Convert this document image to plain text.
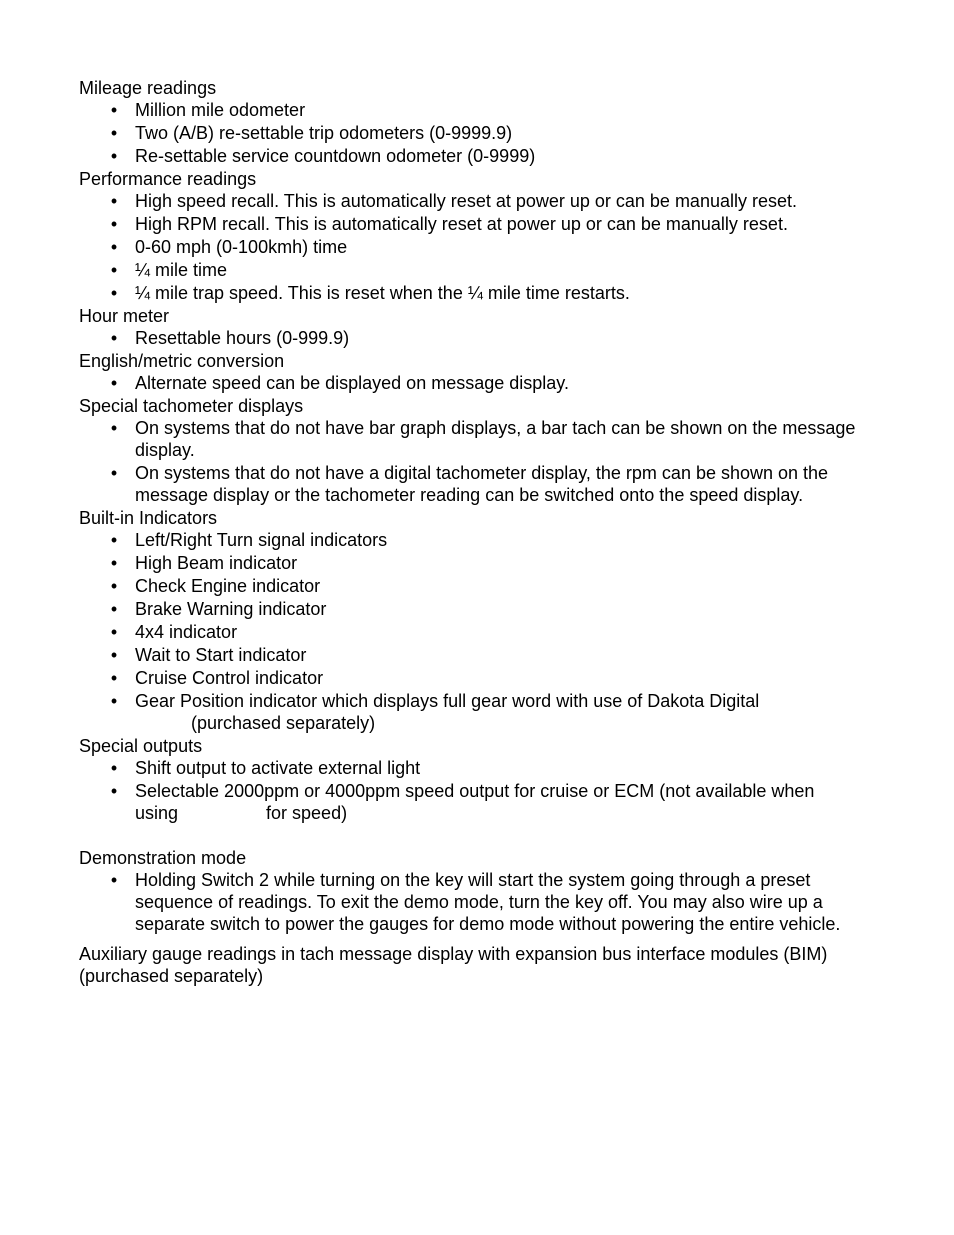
Mileage readings
• Million mile odometer
• Two (A/B) re-settable trip odometers (0-9999.9)
• Re-settable service countdown odometer (0-9999)
Performance readings
• High speed recall. This is automatically reset at power up or can be manually reset.
• High RPM recall. This is automatically reset at power up or can be manually reset.
• 0-60 mph (0-100kmh) time
• ¼ mile time
• ¼ mile trap speed. This is reset when the ¼ mile time restarts.
Hour meter
• Resettable hours (0-999.9)
English/metric conversion
• Alternate speed can be displayed on message display.
Special tachometer displays
• On systems that do not have bar graph displays, a bar tach can be shown on the message display.
• On systems that do not have a digital tachometer display, the rpm can be shown on the message display or the tachometer reading can be switched onto the speed display.
Built-in Indicators
• Left/Right Turn signal indicators
• High Beam indicator
• Check Engine indicator
• Brake Warning indicator
• 4x4 indicator
• Wait to Start indicator
• Cruise Control indicator
• Gear Position indicator which displays full gear word with use of Dakota Digital
(purchased separately)
Special outputs
• Shift output to activate external light
• Selectable 2000ppm or 4000ppm speed output for cruise or ECM (not available when
using	for speed)
Demonstration mode
• Holding Switch 2 while turning on the key will start the system going through a preset sequence of readings. To exit the demo mode, turn the key off. You may also wire up a separate switch to power the gauges for demo mode without powering the entire vehicle.
Auxiliary gauge readings in tach message display with expansion bus interface modules (BIM) (purchased separately)
